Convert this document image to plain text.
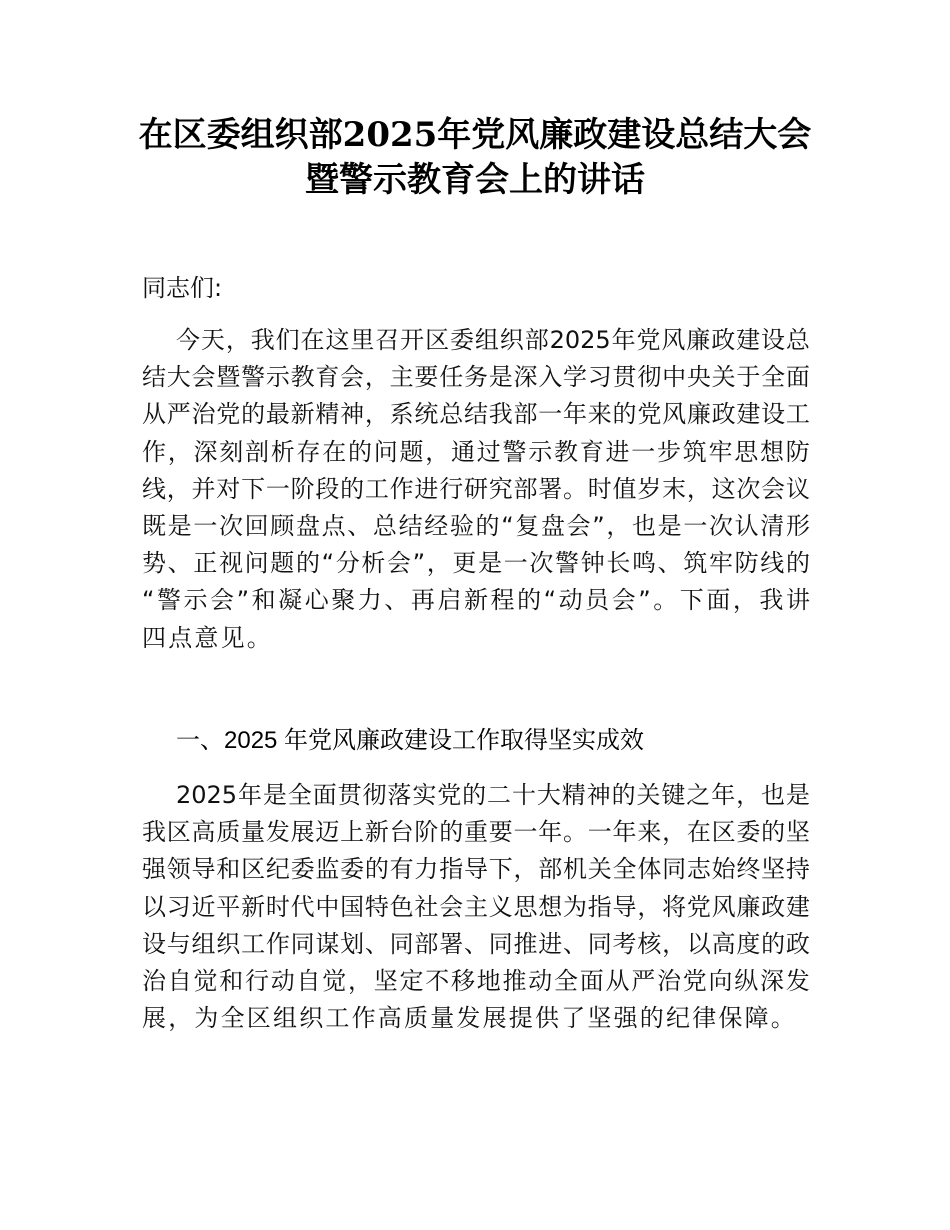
在区委组织部2025年党风廉政建设总结大会
暨警示教育会上的讲话
同志们:
今 天 ， 我 们 在 这 里 召 开 区 委 组 织 部 2025 年 党 风 廉 政 建 设 总
结 大 会 暨 警 示 教 育 会 ， 主 要 任 务 是 深 入 学 习 贯 彻 中 央 关 于 全 面
从 严 治 党 的 最 新 精 神 ， 系 统 总 结 我 部 一 年 来 的 党 风 廉 政 建 设 工
作 ， 深 刻 剖 析 存 在 的 问 题 ， 通 过 警 示 教 育 进 一 步 筑 牢 思 想 防
线 ， 并 对 下 一 阶 段 的 工 作 进 行 研 究 部 署 。 时 值 岁 末 ， 这 次 会 议
既 是 一 次 回 顾 盘 点 、 总 结 经 验 的 “ 复 盘 会 ” ， 也 是 一 次 认 清 形
势 、 正 视 问 题 的 “ 分 析 会 ” ， 更 是 一 次 警 钟 长 鸣 、 筑 牢 防 线 的
“ 警 示 会 ” 和 凝 心 聚 力 、 再 启 新 程 的 “ 动 员 会 ” 。 下 面 ， 我 讲
四点意见。
一、2025 年党风廉政建设工作取得坚实成效
2025 年 是 全 面 贯 彻 落 实 党 的 二 十 大 精 神 的 关 键 之 年 ， 也 是
我 区 高 质 量 发 展 迈 上 新 台 阶 的 重 要 一 年 。 一 年 来 ， 在 区 委 的 坚
强 领 导 和 区 纪 委 监 委 的 有 力 指 导 下 ， 部 机 关 全 体 同 志 始 终 坚 持
以 习 近 平 新 时 代 中 国 特 色 社 会 主 义 思 想 为 指 导 ， 将 党 风 廉 政 建
设 与 组 织 工 作 同 谋 划 、 同 部 署 、 同 推 进 、 同 考 核 ， 以 高 度 的 政
治 自 觉 和 行 动 自 觉 ， 坚 定 不 移 地 推 动 全 面 从 严 治 党 向 纵 深 发
展，为全区组织工作高质量发展提供了坚强的纪律保障。
